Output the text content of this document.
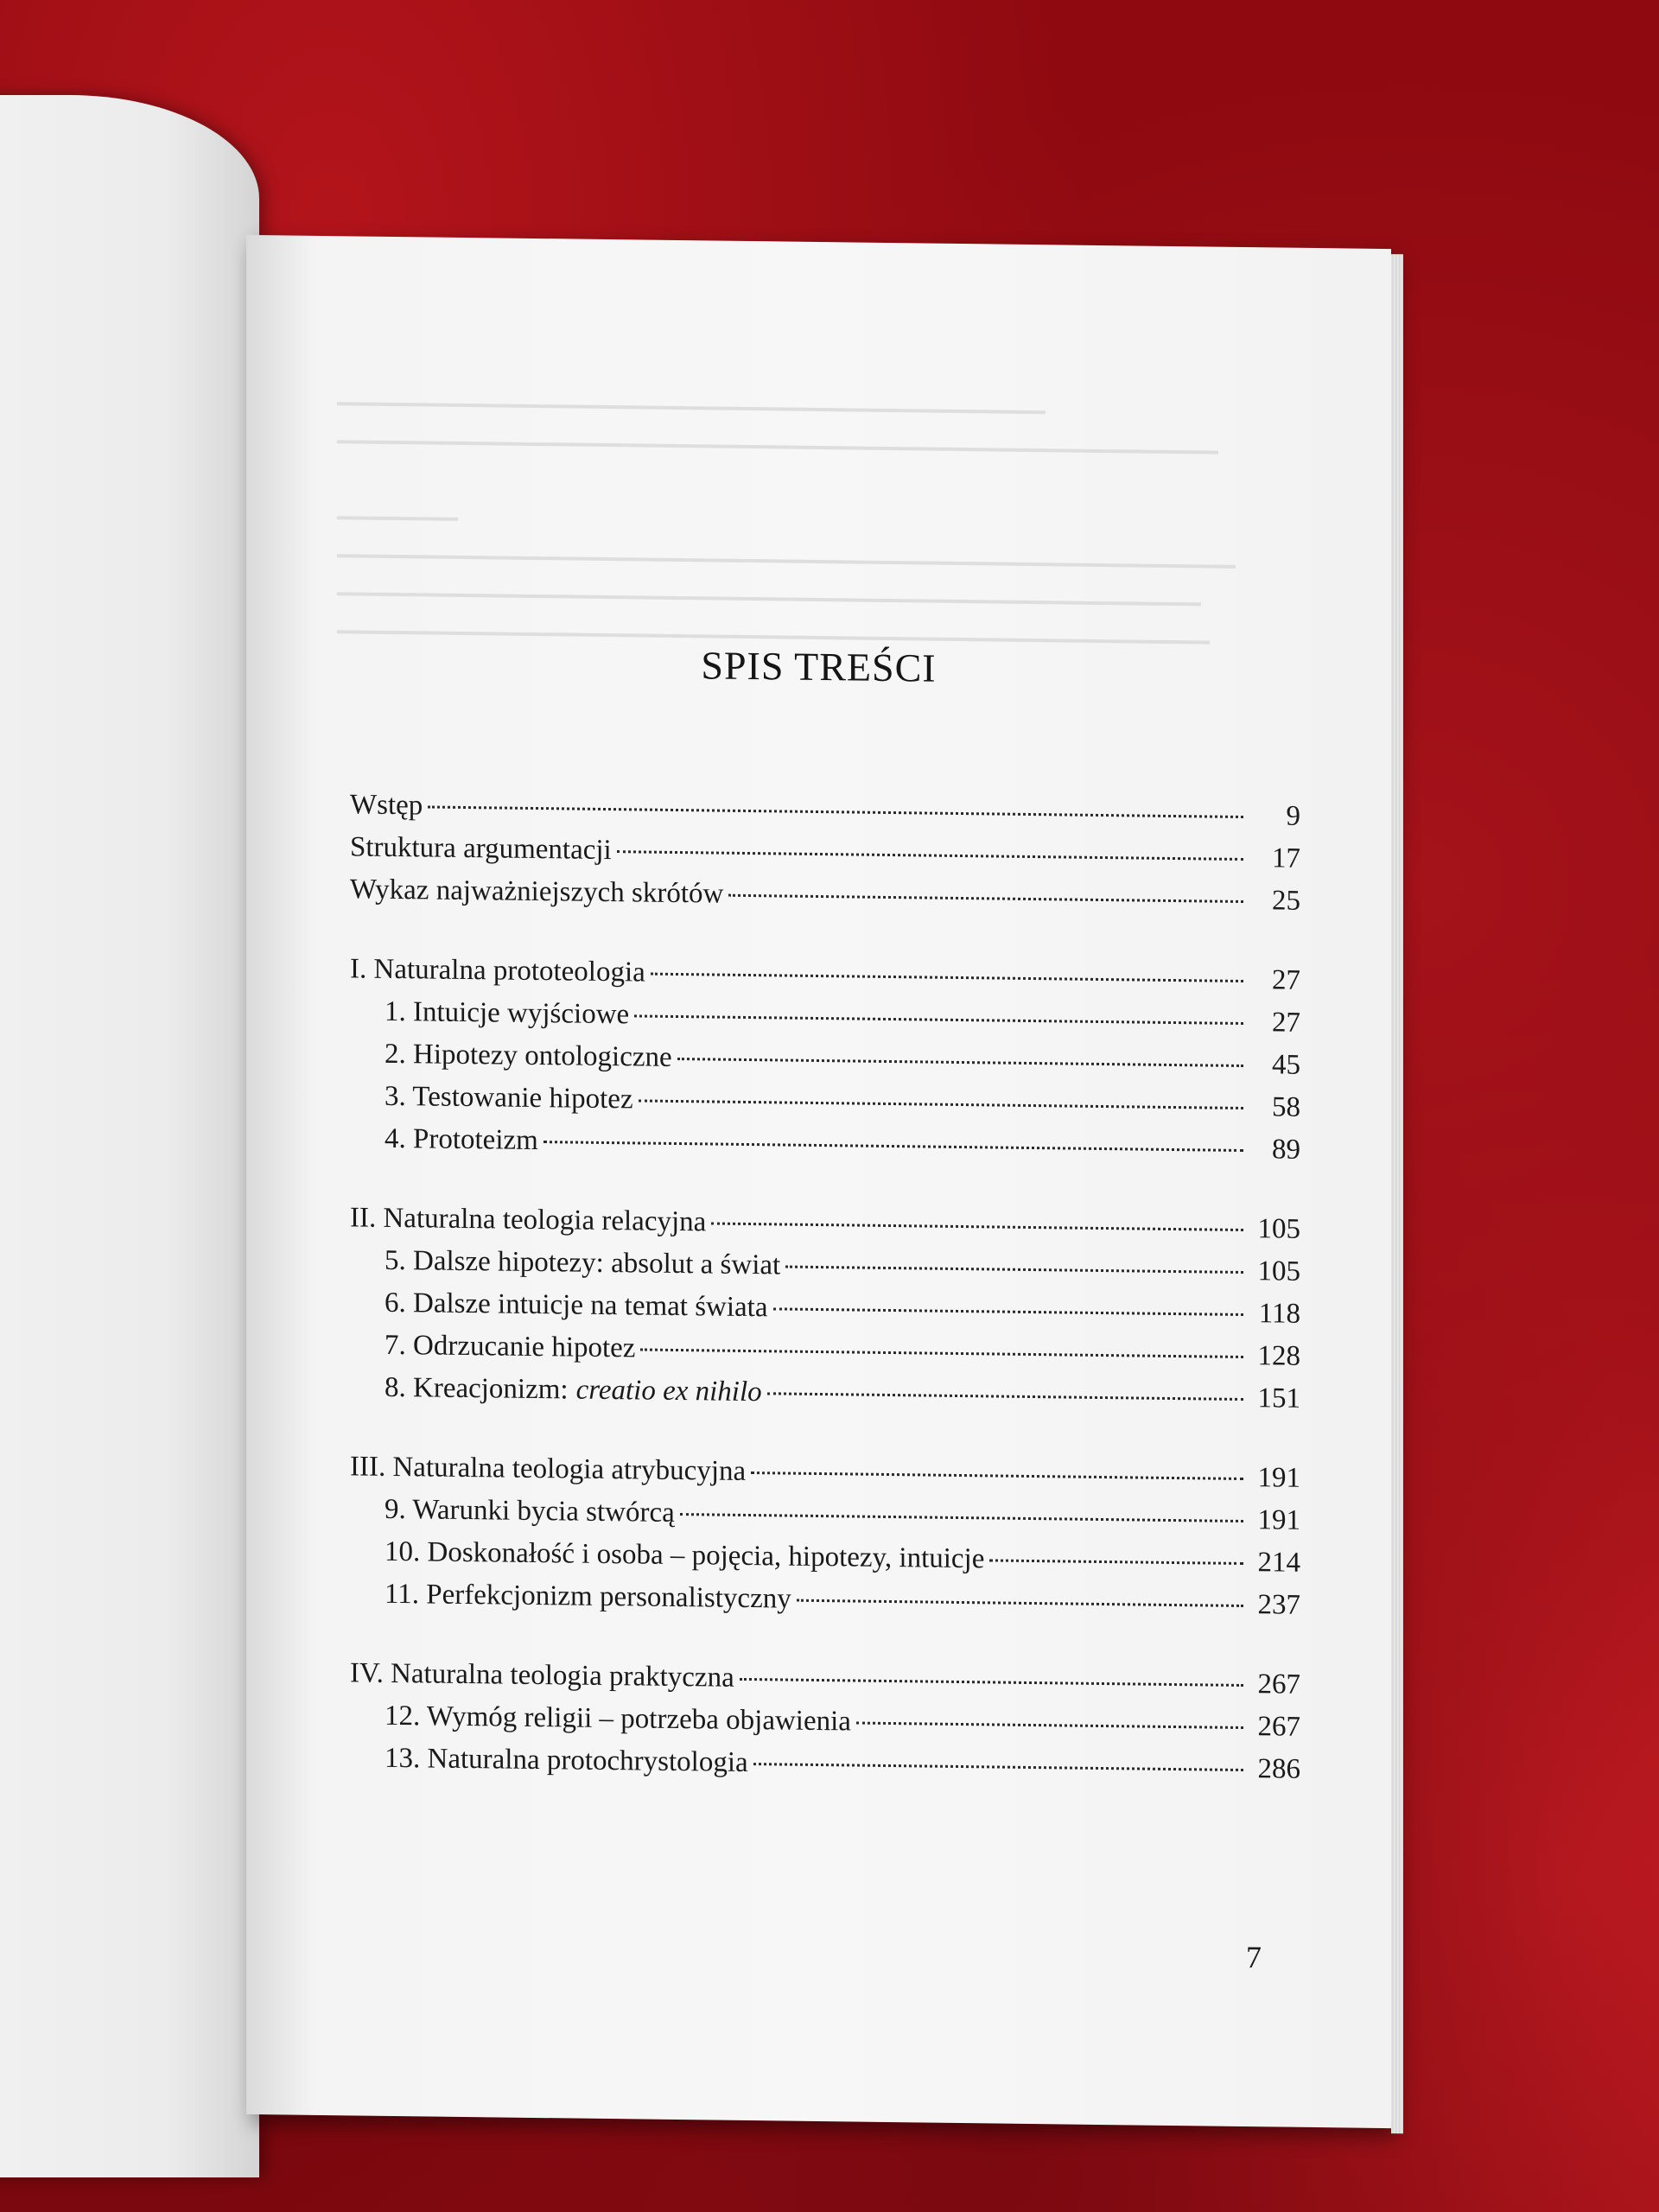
SPIS TREŚCI
Wstęp	9
Struktura argumentacji	17
Wykaz najważniejszych skrótów	25
I. Naturalna prototeologia	27
1. Intuicje wyjściowe	27
2. Hipotezy ontologiczne	45
3. Testowanie hipotez	58
4. Prototeizm	89
II. Naturalna teologia relacyjna	105
5. Dalsze hipotezy: absolut a świat	105
6. Dalsze intuicje na temat świata	118
7. Odrzucanie hipotez	128
8. Kreacjonizm: creatio ex nihilo	151
III. Naturalna teologia atrybucyjna	191
9. Warunki bycia stwórcą	191
10. Doskonałość i osoba – pojęcia, hipotezy, intuicje	214
11. Perfekcjonizm personalistyczny	237
IV. Naturalna teologia praktyczna	267
12. Wymóg religii – potrzeba objawienia	267
13. Naturalna protochrystologia	286
7
